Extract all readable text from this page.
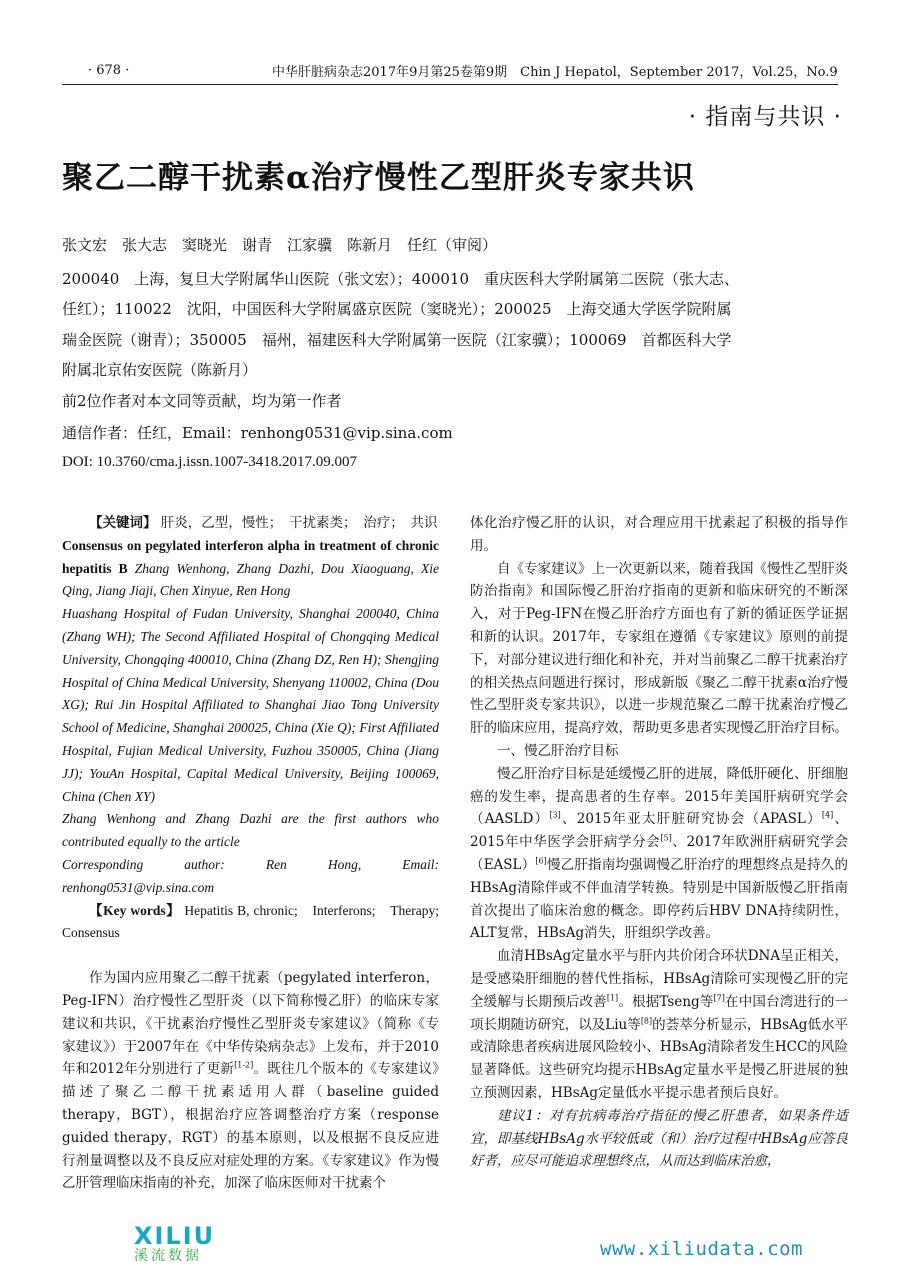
· 678 ·	中华肝脏病杂志2017年9月第25卷第9期　Chin J Hepatol，September 2017，Vol.25，No.9
· 指南与共识 ·
聚乙二醇干扰素α治疗慢性乙型肝炎专家共识
张文宏　张大志　窦晓光　谢青　江家骥　陈新月　任红（审阅）
200040　上海，复旦大学附属华山医院（张文宏）；400010　重庆医科大学附属第二医院（张大志、
任红）；110022　沈阳，中国医科大学附属盛京医院（窦晓光）；200025　上海交通大学医学院附属
瑞金医院（谢青）；350005　福州，福建医科大学附属第一医院（江家骥）；100069　首都医科大学
附属北京佑安医院（陈新月）
前2位作者对本文同等贡献，均为第一作者
通信作者：任红，Email：renhong0531@vip.sina.com
DOI: 10.3760/cma.j.issn.1007-3418.2017.09.007

【关键词】 肝炎，乙型，慢性；　干扰素类；　治疗；　共识

Consensus on pegylated interferon alpha in treatment of chronic hepatitis B Zhang Wenhong, Zhang Dazhi, Dou Xiaoguang, Xie Qing, Jiang Jiaji, Chen Xinyue, Ren Hong

Huashang Hospital of Fudan University, Shanghai 200040, China (Zhang WH); The Second Affiliated Hospital of Chongqing Medical University, Chongqing 400010, China (Zhang DZ, Ren H); Shengjing Hospital of China Medical University, Shenyang 110002, China (Dou XG); Rui Jin Hospital Affiliated to Shanghai Jiao Tong University School of Medicine, Shanghai 200025, China (Xie Q); First Affiliated Hospital, Fujian Medical University, Fuzhou 350005, China (Jiang JJ); YouAn Hospital, Capital Medical University, Beijing 100069, China (Chen XY)

Zhang Wenhong and Zhang Dazhi are the first authors who contributed equally to the article

Corresponding author: Ren Hong, Email: renhong0531@vip.sina.com

【Key words】 Hepatitis B, chronic;　Interferons;　Therapy;　Consensus

作为国内应用聚乙二醇干扰素（pegylated interferon，Peg-IFN）治疗慢性乙型肝炎（以下简称慢乙肝）的临床专家建议和共识，《干扰素治疗慢性乙型肝炎专家建议》（简称《专家建议》）于2007年在《中华传染病杂志》上发布，并于2010年和2012年分别进行了更新[1-2]。既往几个版本的《专家建议》描述了聚乙二醇干扰素适用人群（baseline guided therapy，BGT），根据治疗应答调整治疗方案（response guided therapy，RGT）的基本原则，以及根据不良反应进行剂量调整以及不良反应对症处理的方案。《专家建议》作为慢乙肝管理临床指南的补充，加深了临床医师对干扰素个

体化治疗慢乙肝的认识，对合理应用干扰素起了积极的指导作用。

自《专家建议》上一次更新以来，随着我国《慢性乙型肝炎防治指南》和国际慢乙肝治疗指南的更新和临床研究的不断深入，对于Peg-IFN在慢乙肝治疗方面也有了新的循证医学证据和新的认识。2017年，专家组在遵循《专家建议》原则的前提下，对部分建议进行细化和补充，并对当前聚乙二醇干扰素治疗的相关热点问题进行探讨，形成新版《聚乙二醇干扰素α治疗慢性乙型肝炎专家共识》，以进一步规范聚乙二醇干扰素治疗慢乙肝的临床应用，提高疗效，帮助更多患者实现慢乙肝治疗目标。

一、慢乙肝治疗目标

慢乙肝治疗目标是延缓慢乙肝的进展，降低肝硬化、肝细胞癌的发生率，提高患者的生存率。2015年美国肝病研究学会（AASLD）[3]、2015年亚太肝脏研究协会（APASL）[4]、2015年中华医学会肝病学分会[5]、2017年欧洲肝病研究学会（EASL）[6]慢乙肝指南均强调慢乙肝治疗的理想终点是持久的HBsAg清除伴或不伴血清学转换。特别是中国新版慢乙肝指南首次提出了临床治愈的概念。即停药后HBV DNA持续阴性，ALT复常，HBsAg消失，肝组织学改善。

血清HBsAg定量水平与肝内共价闭合环状DNA呈正相关，是受感染肝细胞的替代性指标，HBsAg清除可实现慢乙肝的完全缓解与长期预后改善[1]。根据Tseng等[7]在中国台湾进行的一项长期随访研究，以及Liu等[8]的荟萃分析显示，HBsAg低水平或清除患者疾病进展风险较小、HBsAg清除者发生HCC的风险显著降低。这些研究均提示HBsAg定量水平是慢乙肝进展的独立预测因素，HBsAg定量低水平提示患者预后良好。

建议1：对有抗病毒治疗指征的慢乙肝患者，如果条件适宜，即基线HBsAg水平较低或（和）治疗过程中HBsAg应答良好者，应尽可能追求理想终点，从而达到临床治愈，

XILIU
溪流数据	www.xiliudata.com
